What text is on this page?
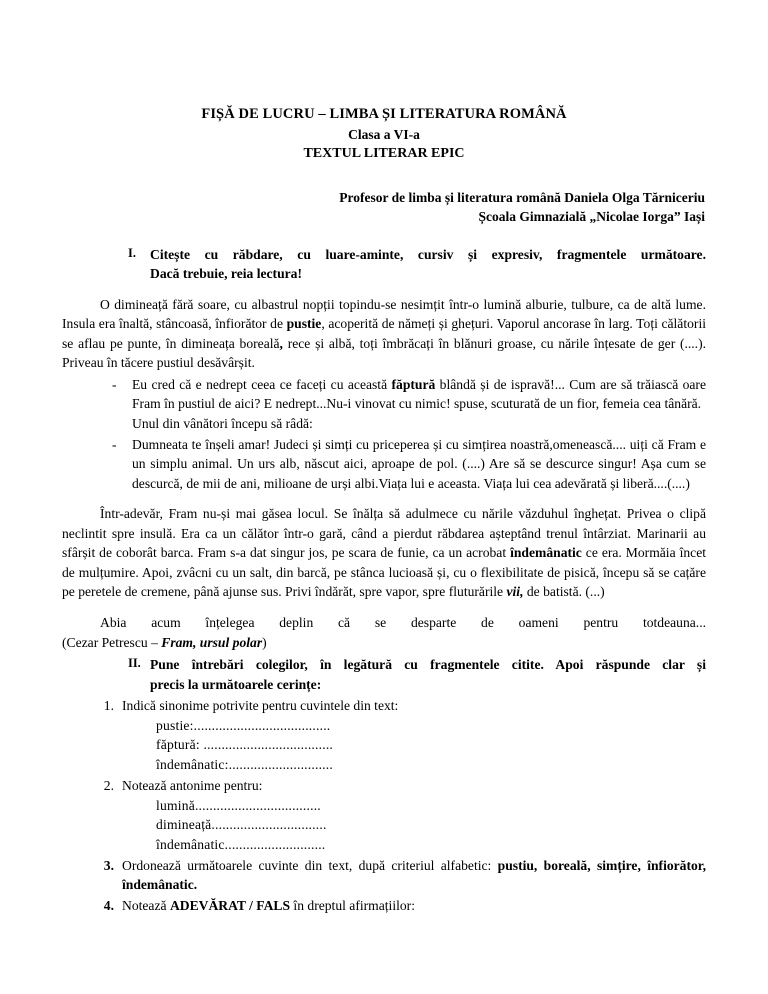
FIȘĂ DE LUCRU – LIMBA ȘI LITERATURA ROMÂNĂ
Clasa a VI-a
TEXTUL LITERAR EPIC
Profesor de limba și literatura română Daniela Olga Tărniceriu
Școala Gimnazială „Nicolae Iorga” Iași
I.	Citește cu răbdare, cu luare-aminte, cursiv și expresiv, fragmentele următoare.
Dacă trebuie, reia lectura!

O dimineață fără soare, cu albastrul nopții topindu-se nesimțit într-o lumină alburie, tulbure, ca de altă lume. Insula era înaltă, stâncoasă, înfiorător de pustie, acoperită de nămeți și ghețuri. Vaporul ancorase în larg. Toți călătorii se aflau pe punte, în dimineața boreală, rece și albă, toți îmbrăcați în blănuri groase, cu nările înțesate de ger (....). Priveau în tăcere pustiul desăvârșit.

-	Eu cred că e nedrept ceea ce faceți cu această făptură blândă și de ispravă!... Cum are să trăiască oare Fram în pustiul de aici? E nedrept...Nu-i vinovat cu nimic! spuse, scuturată de un fior, femeia cea tânără.
Unul din vânători începu să râdă:
-	Dumneata te înșeli amar! Judeci și simți cu priceperea și cu simțirea noastră,omenească.... uiți că Fram e un simplu animal. Un urs alb, născut aici, aproape de pol. (....) Are să se descurce singur! Așa cum se descurcă, de mii de ani, milioane de urși albi.Viața lui e aceasta. Viața lui cea adevărată și liberă....(....)

Într-adevăr, Fram nu-și mai găsea locul. Se înălța să adulmece cu nările văzduhul înghețat. Privea o clipă neclintit spre insulă. Era ca un călător într-o gară, când a pierdut răbdarea așteptând trenul întârziat. Marinarii au sfârșit de coborât barca. Fram s-a dat singur jos, pe scara de funie, ca un acrobat îndemânatic ce era. Mormăia încet de mulțumire. Apoi, zvâcni cu un salt, din barcă, pe stânca lucioasă și, cu o flexibilitate de pisică, începu să se cațăre pe peretele de cremene, până ajunse sus. Privi îndărăt, spre vapor, spre fluturările vii, de batistă. (...)

Abia acum înțelegea deplin că se desparte de oameni pentru totdeauna...

(Cezar Petrescu – Fram, ursul polar)
II. Pune întrebări colegilor, în legătură cu fragmentele citite. Apoi răspunde clar și
precis la următoarele cerințe:
1. Indică sinonime potrivite pentru cuvintele din text:
pustie:......................................
făptură: ....................................
îndemânatic:.............................
2. Notează antonime pentru:
lumină...................................
dimineață................................
îndemânatic............................
3. Ordonează următoarele cuvinte din text, după criteriul alfabetic: pustiu, boreală, simțire, înfiorător, îndemânatic.
4. Notează ADEVĂRAT / FALS în dreptul afirmațiilor:
